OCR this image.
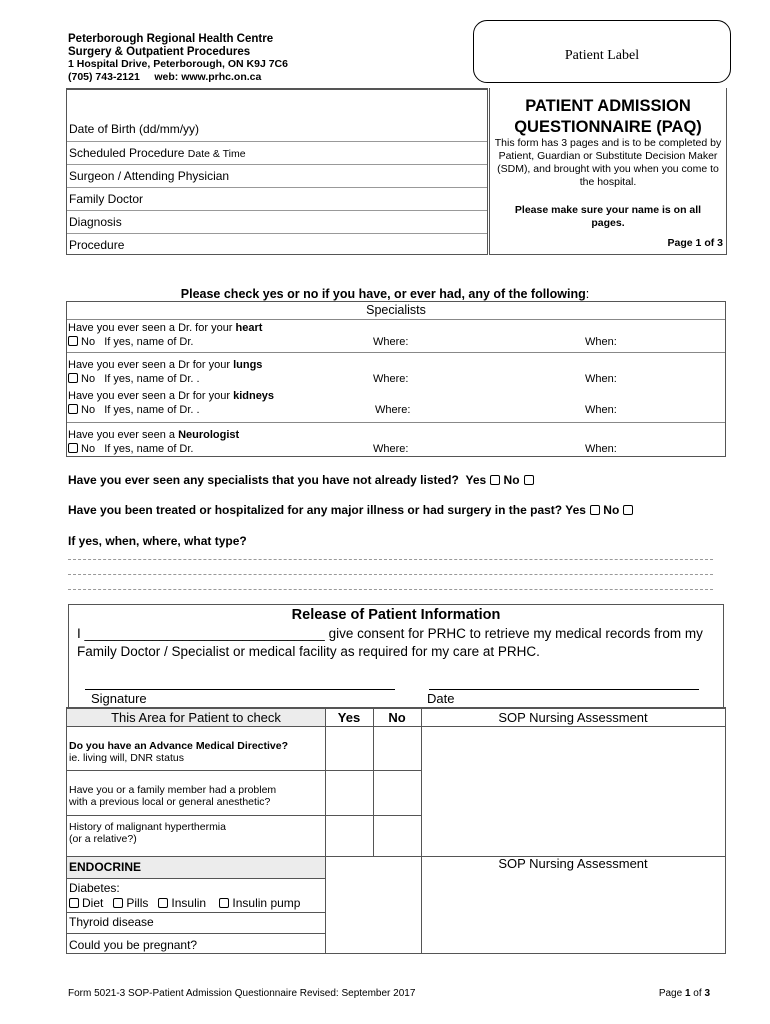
Peterborough Regional Health Centre
Surgery & Outpatient Procedures
1 Hospital Drive, Peterborough, ON K9J 7C6
(705) 743-2121     web: www.prhc.on.ca
Patient Label
Date of Birth (dd/mm/yy)
Scheduled Procedure Date & Time
Surgeon / Attending Physician
Family Doctor
Diagnosis
Procedure
PATIENT ADMISSION
QUESTIONNAIRE (PAQ)
This form has 3 pages and is to be completed by Patient, Guardian or Substitute Decision Maker (SDM), and brought with you when you come to the hospital.
Please make sure your name is on all pages.
Page 1 of 3
Please check yes or no if you have, or ever had, any of the following:
Specialists
Have you ever seen a Dr. for your heart
No If yes, name of Dr.	Where:	When:
Have you ever seen a Dr for your lungs
No If yes, name of Dr. .	Where:	When:
Have you ever seen a Dr for your kidneys
No If yes, name of Dr. .	Where:	When:
Have you ever seen a Neurologist
No If yes, name of Dr.	Where:	When:
Have you ever seen any specialists that you have not already listed? Yes No
Have you been treated or hospitalized for any major illness or had surgery in the past? Yes No
If yes, when, where, what type?
Release of Patient Information
I ________________________________ give consent for PRHC to retrieve my medical records from my
Family Doctor / Specialist or medical facility as required for my care at PRHC.
Signature	Date
This Area for Patient to check	Yes	No	SOP Nursing Assessment
Do you have an Advance Medical Directive?
ie. living will, DNR status
Have you or a family member had a problem
with a previous local or general anesthetic?
History of malignant hyperthermia
(or a relative?)
ENDOCRINE	SOP Nursing Assessment
Diabetes:
Diet Pills Insulin Insulin pump
Thyroid disease
Could you be pregnant?
Form 5021-3 SOP-Patient Admission Questionnaire Revised: September 2017	Page 1 of 3
